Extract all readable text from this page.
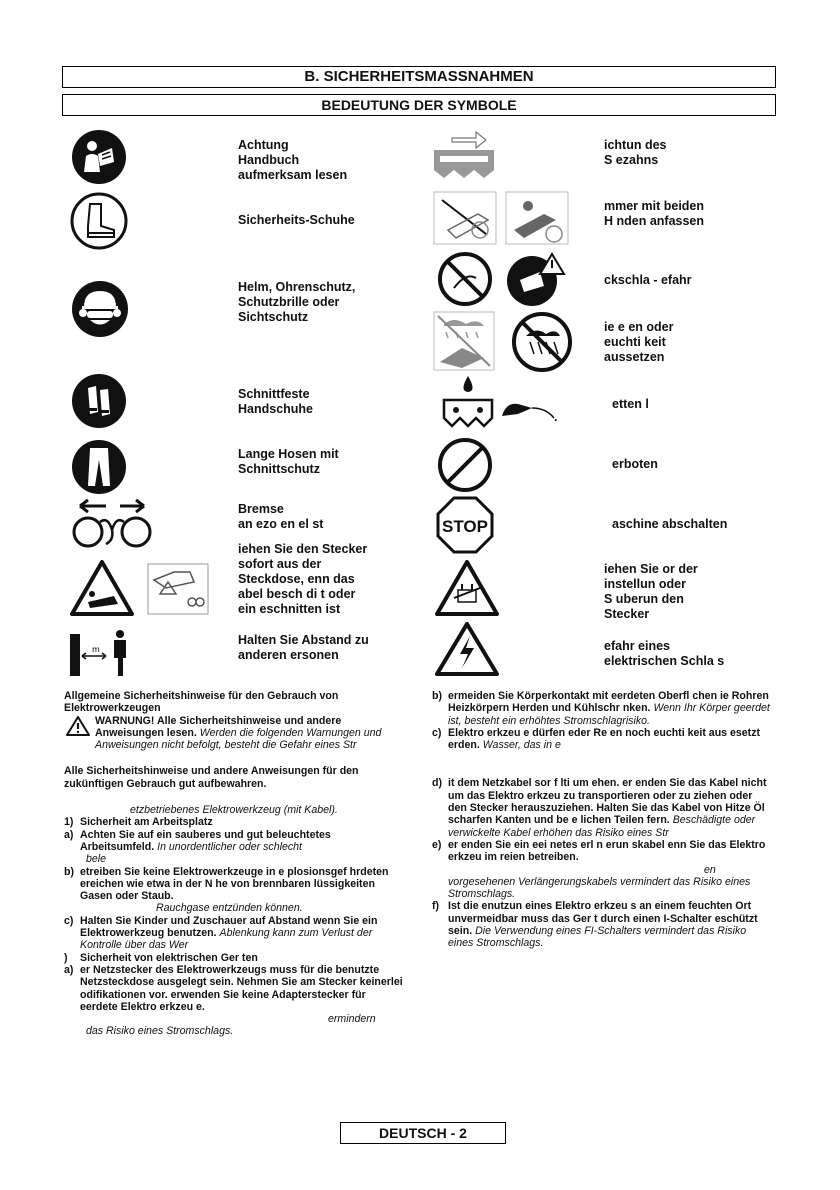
B. SICHERHEITSMASSNAHMEN
BEDEUTUNG DER SYMBOLE
Achtung
Handbuch
aufmerksam lesen
Sicherheits-Schuhe
Helm, Ohrenschutz,
Schutzbrille oder
Sichtschutz
Schnittfeste
Handschuhe
Lange Hosen mit
Schnittschutz
Bremse
an ezo en el st
iehen Sie den Stecker
sofort aus der
Steckdose, enn das
abel besch di t oder
ein eschnitten ist
m
Halten Sie Abstand zu
anderen ersonen
ichtun des
S ezahns
mmer mit beiden
H nden anfassen
ckschla - efahr
ie e en oder
euchti keit
aussetzen
etten l
.
erboten
STOP	aschine abschalten
iehen Sie or der
instellun oder
S uberun den
Stecker
efahr eines
elektrischen Schla s

Allgemeine Sicherheitshinweise für den Gebrauch von Elektrowerkzeugen

WARNUNG! Alle Sicherheitshinweise und andere Anweisungen lesen. Werden die folgenden Warnungen und Anweisungen nicht befolgt, besteht die Gefahr eines Str

Alle Sicherheitshinweise und andere Anweisungen für den zukünftigen Gebrauch gut aufbewahren.

etzbetriebenes Elektrowerkzeug (mit Kabel).

1) Sicherheit am Arbeitsplatz
a) Achten Sie auf ein sauberes und gut beleuchtetes Arbeitsumfeld. In unordentlicher oder schlecht

bele

b) etreiben Sie keine Elektrowerkzeuge in e plosionsgef hrdeten ereichen wie etwa in der N he von brennbaren lüssigkeiten Gasen oder Staub.

Rauchgase entzünden können.

c) Halten Sie Kinder und Zuschauer auf Abstand wenn Sie ein Elektrowerkzeug benutzen. Ablenkung kann zum Verlust der Kontrolle über das Wer

)	Sicherheit von elektrischen Ger ten
a) er Netzstecker des Elektrowerkzeugs muss für die benutzte Netzsteckdose ausgelegt sein. Nehmen Sie am Stecker keinerlei odifikationen vor. erwenden Sie keine Adapterstecker für eerdete Elektro erkzeu e.

ermindern

das Risiko eines Stromschlags.

b) ermeiden Sie Körperkontakt mit eerdeten Oberfl chen ie Rohren Heizkörpern Herden und Kühlschr nken. Wenn Ihr Körper geerdet ist, besteht ein erhöhtes Stromschlagrisiko.

c) Elektro erkzeu e dürfen eder Re en noch euchti keit aus esetzt erden. Wasser, das in e

d) it dem Netzkabel sor f lti um ehen. er enden Sie das Kabel nicht um das Elektro erkzeu zu transportieren oder zu ziehen oder den Stecker herauszuziehen. Halten Sie das Kabel von Hitze Öl scharfen Kanten und be e lichen Teilen fern. Beschädigte oder verwickelte Kabel erhöhen das Risiko eines Str

e) er enden Sie ein eei netes erl n erun skabel enn Sie das Elektro erkzeu im reien betreiben.

en

vorgesehenen Verlängerungskabels vermindert das Risiko eines Stromschlags.

f) Ist die enutzun eines Elektro erkzeu s an einem feuchten Ort unvermeidbar muss das Ger t durch einen I-Schalter eschützt sein. Die Verwendung eines FI-Schalters vermindert das Risiko eines Stromschlags.

DEUTSCH - 2
